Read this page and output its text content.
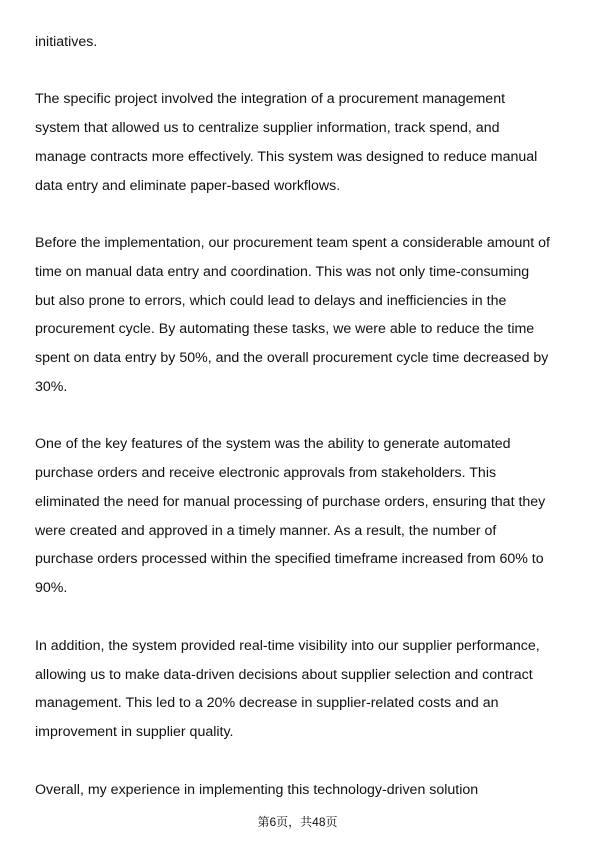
initiatives.
The specific project involved the integration of a procurement management
system that allowed us to centralize supplier information, track spend, and
manage contracts more effectively. This system was designed to reduce manual
data entry and eliminate paper-based workflows.
Before the implementation, our procurement team spent a considerable amount of
time on manual data entry and coordination. This was not only time-consuming
but also prone to errors, which could lead to delays and inefficiencies in the
procurement cycle. By automating these tasks, we were able to reduce the time
spent on data entry by 50%, and the overall procurement cycle time decreased by
30%.
One of the key features of the system was the ability to generate automated
purchase orders and receive electronic approvals from stakeholders. This
eliminated the need for manual processing of purchase orders, ensuring that they
were created and approved in a timely manner. As a result, the number of
purchase orders processed within the specified timeframe increased from 60% to
90%.
In addition, the system provided real-time visibility into our supplier performance,
allowing us to make data-driven decisions about supplier selection and contract
management. This led to a 20% decrease in supplier-related costs and an
improvement in supplier quality.
Overall, my experience in implementing this technology-driven solution
第6页，共48页
